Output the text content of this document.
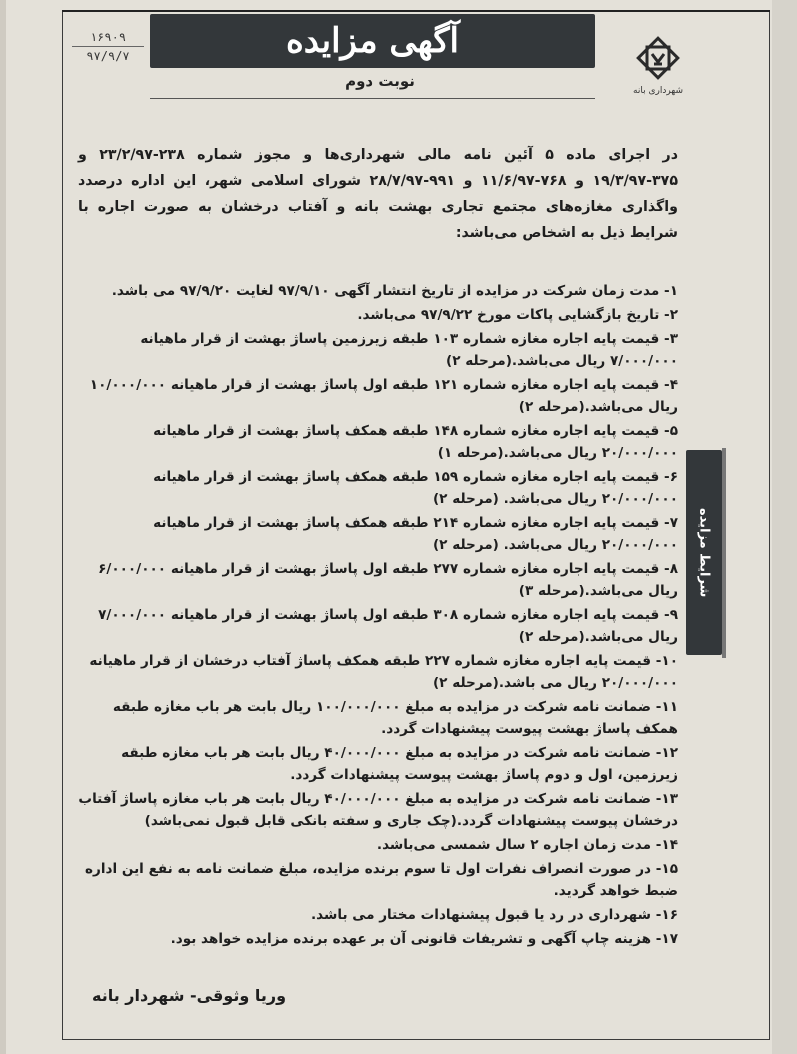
۱۶۹۰۹
۹۷/۹/۷	آگهی مزایده
نوبت دوم
شهرداری بانه
در اجرای ماده ۵ آئین نامه مالی شهرداری‌ها و مجوز شماره ۲۳۸-۲۳/۲/۹۷ و ۳۷۵-۱۹/۳/۹۷ و ۷۶۸-۱۱/۶/۹۷ و ۹۹۱-۲۸/۷/۹۷ شورای اسلامی شهر، این اداره درصدد واگذاری مغازه‌های مجتمع تجاری بهشت بانه و آفتاب درخشان به صورت اجاره با شرایط ذیل به اشخاص می‌باشد:
شرایط مزایده
۱- مدت زمان شرکت در مزایده از تاریخ انتشار آگهی ۹۷/۹/۱۰ لغایت ۹۷/۹/۲۰ می باشد.
۲- تاریخ بازگشایی پاکات مورخ ۹۷/۹/۲۲ می‌باشد.
۳- قیمت پایه اجاره مغازه شماره ۱۰۳ طبقه زیرزمین پاساژ بهشت از قرار ماهیانه ۷/۰۰۰/۰۰۰ ریال می‌باشد.(مرحله ۲)
۴- قیمت پایه اجاره مغازه شماره ۱۲۱ طبقه اول پاساژ بهشت از قرار ماهیانه ۱۰/۰۰۰/۰۰۰ ریال می‌باشد.(مرحله ۲)
۵- قیمت پایه اجاره مغازه شماره ۱۴۸ طبقه همکف پاساژ بهشت از قرار ماهیانه ۲۰/۰۰۰/۰۰۰ ریال می‌باشد.(مرحله ۱)
۶- قیمت پایه اجاره مغازه شماره ۱۵۹ طبقه همکف پاساژ بهشت از قرار ماهیانه ۲۰/۰۰۰/۰۰۰ ریال می‌باشد. (مرحله ۲)
۷- قیمت پایه اجاره مغازه شماره ۲۱۴ طبقه همکف پاساژ بهشت از قرار ماهیانه ۲۰/۰۰۰/۰۰۰ ریال می‌باشد. (مرحله ۲)
۸- قیمت پایه اجاره مغازه شماره ۲۷۷ طبقه اول پاساژ بهشت از قرار ماهیانه ۶/۰۰۰/۰۰۰ ریال می‌باشد.(مرحله ۳)
۹- قیمت پایه اجاره مغازه شماره ۳۰۸ طبقه اول پاساژ بهشت از قرار ماهیانه ۷/۰۰۰/۰۰۰ ریال می‌باشد.(مرحله ۲)
۱۰- قیمت پایه اجاره مغازه شماره ۲۲۷ طبقه همکف پاساژ آفتاب درخشان از قرار ماهیانه ۲۰/۰۰۰/۰۰۰ ریال می باشد.(مرحله ۲)
۱۱- ضمانت نامه شرکت در مزایده به مبلغ ۱۰۰/۰۰۰/۰۰۰ ریال بابت هر باب مغازه طبقه همکف پاساژ بهشت پیوست پیشنهادات گردد.
۱۲- ضمانت نامه شرکت در مزایده به مبلغ ۴۰/۰۰۰/۰۰۰ ریال بابت هر باب مغازه طبقه زیرزمین، اول و دوم پاساژ بهشت پیوست پیشنهادات گردد.
۱۳- ضمانت نامه شرکت در مزایده به مبلغ ۴۰/۰۰۰/۰۰۰ ریال بابت هر باب مغازه پاساژ آفتاب درخشان پیوست پیشنهادات گردد.(چک جاری و سفته بانکی قابل قبول نمی‌باشد)
۱۴- مدت زمان اجاره ۲ سال شمسی می‌باشد.
۱۵- در صورت انصراف نفرات اول تا سوم برنده مزایده، مبلغ ضمانت نامه به نفع این اداره ضبط خواهد گردید.
۱۶- شهرداری در رد یا قبول پیشنهادات مختار می باشد.
۱۷- هزینه چاپ آگهی و تشریفات قانونی آن بر عهده برنده مزایده خواهد بود.
وریا وثوقی- شهردار بانه
